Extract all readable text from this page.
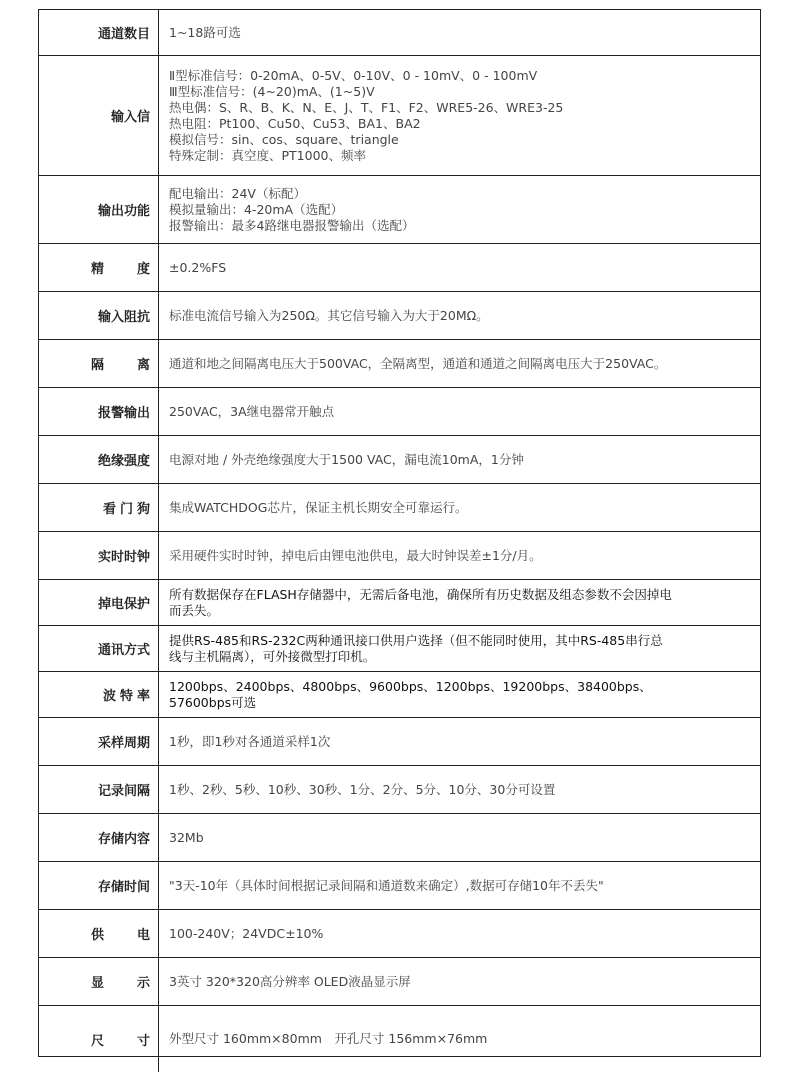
通道数目 1~18路可选
输入信
Ⅱ型标准信号：0-20mA、0-5V、0-10V、0 - 10mV、0 - 100mV
Ⅲ型标准信号：(4~20)mA、(1~5)V
热电偶：S、R、B、K、N、E、J、T、F1、F2、WRE5-26、WRE3-25
热电阻：Pt100、Cu50、Cu53、BA1、BA2
模拟信号：sin、cos、square、triangle
特殊定制：真空度、PT1000、频率
输出功能
配电输出：24V（标配）
模拟量输出：4-20mA（选配）
报警输出：最多4路继电器报警输出（选配）
精　度 ±0.2%FS
输入阻抗 标准电流信号输入为250Ω。其它信号输入为大于20MΩ。
隔　离 通道和地之间隔离电压大于500VAC，全隔离型，通道和通道之间隔离电压大于250VAC。
报警输出 250VAC，3A继电器常开触点
绝缘强度 电源对地 / 外壳绝缘强度大于1500 VAC，漏电流10mA，1分钟
看门狗 集成WATCHDOG芯片，保证主机长期安全可靠运行。
实时时钟 采用硬件实时时钟，掉电后由锂电池供电，最大时钟误差±1分/月。
掉电保护
所有数据保存在FLASH存储器中，无需后备电池，确保所有历史数据及组态参数不会因掉电
而丢失。
通讯方式
提供RS-485和RS-232C两种通讯接口供用户选择（但不能同时使用，其中RS-485串行总
线与主机隔离），可外接微型打印机。
波特率
1200bps、2400bps、4800bps、9600bps、1200bps、19200bps、38400bps、
57600bps可选
采样周期 1秒，即1秒对各通道采样1次
记录间隔 1秒、2秒、5秒、10秒、30秒、1分、2分、5分、10分、30分可设置
存储内容 32Mb
存储时间 "3天-10年（具体时间根据记录间隔和通道数来确定）,数据可存储10年不丢失"
供　电 100-240V；24VDC±10%
显　示 3英寸 320*320高分辨率 OLED液晶显示屏
尺　寸 外型尺寸 160mm×80mm　开孔尺寸 156mm×76mm
